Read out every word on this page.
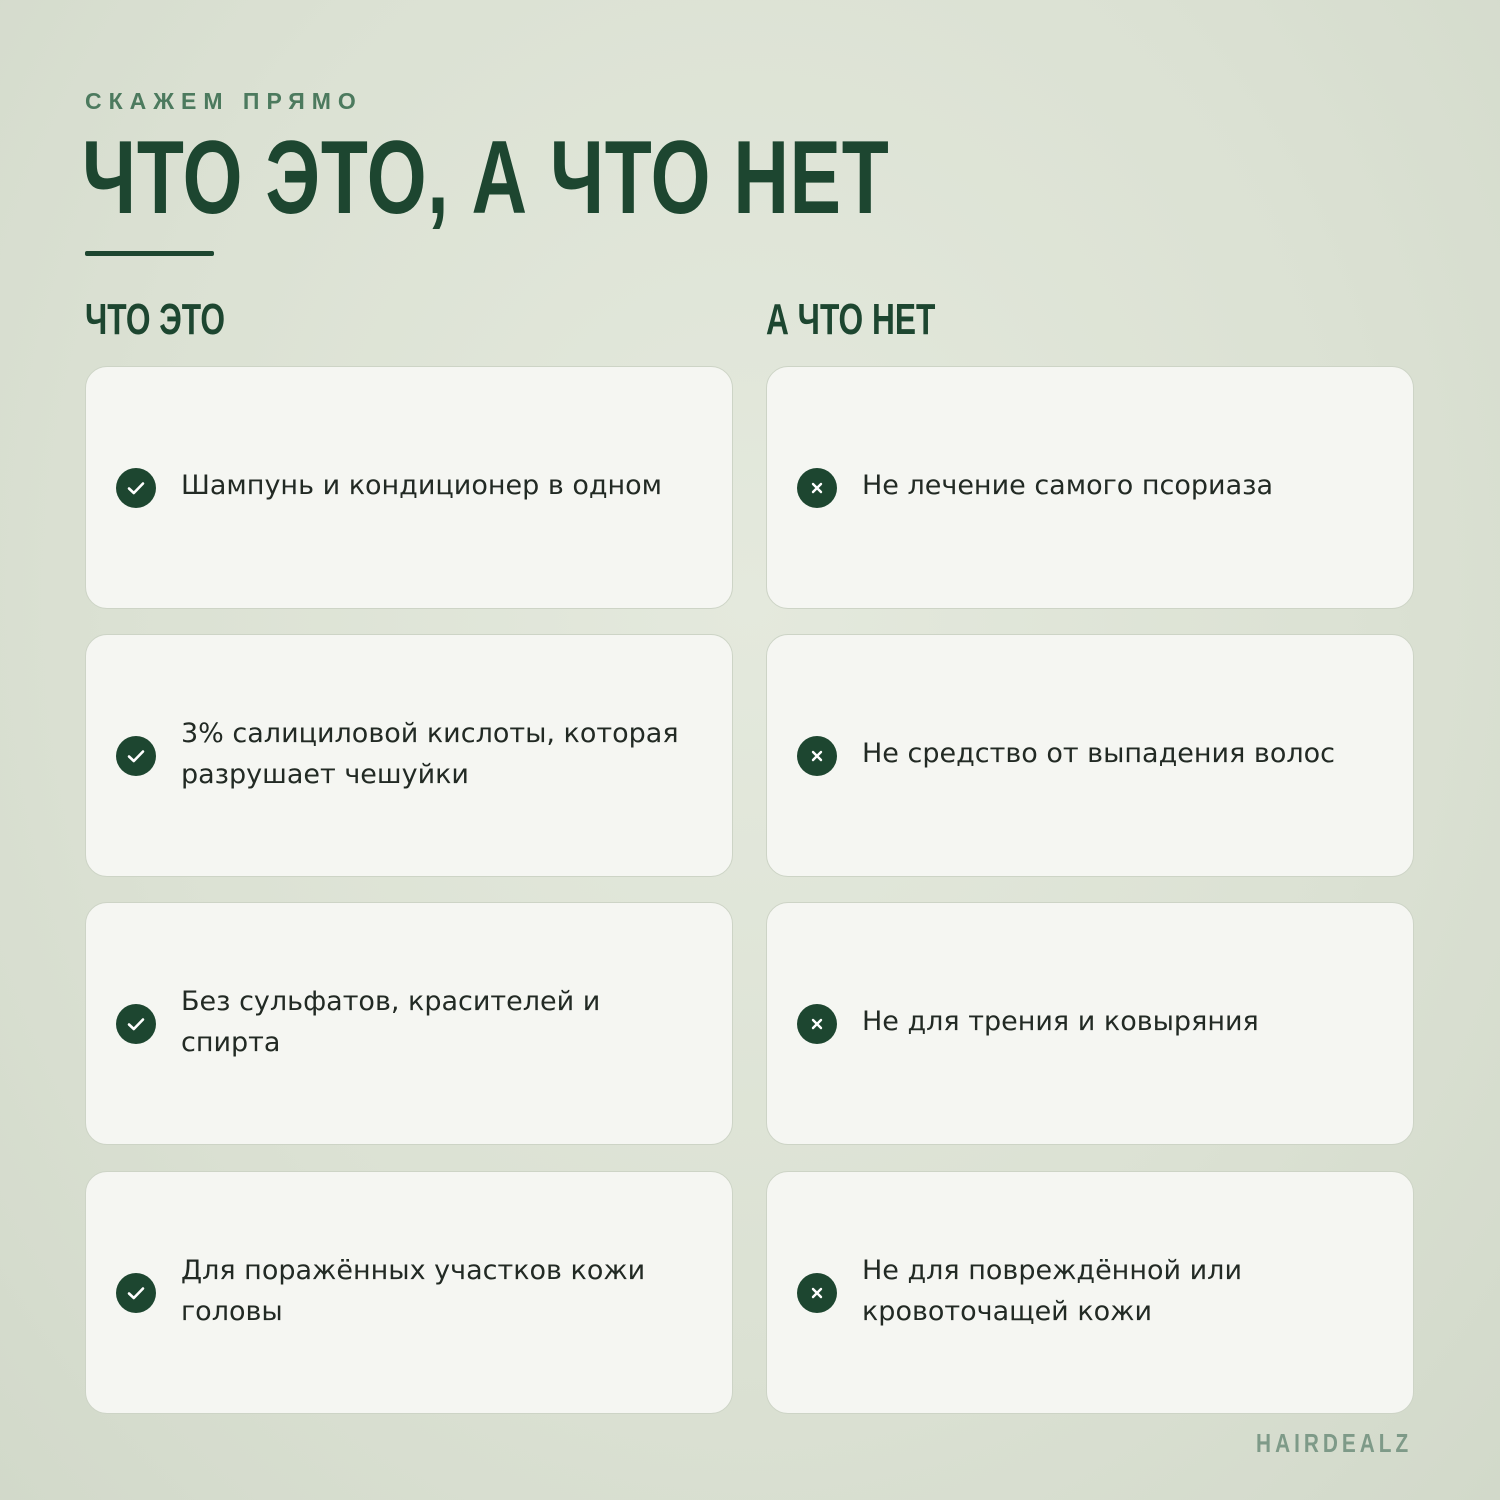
СКАЖЕМ ПРЯМО
ЧТО ЭТО, А ЧТО НЕТ
ЧТО ЭТО	А ЧТО НЕТ
Шампунь и кондиционер в одном
3% салициловой кислоты, которая разрушает чешуйки
Без сульфатов, красителей и спирта
Для поражённых участков кожи головы
Не лечение самого псориаза
Не средство от выпадения волос
Не для трения и ковыряния
Не для повреждённой или кровоточащей кожи
HAIRDEALZ
